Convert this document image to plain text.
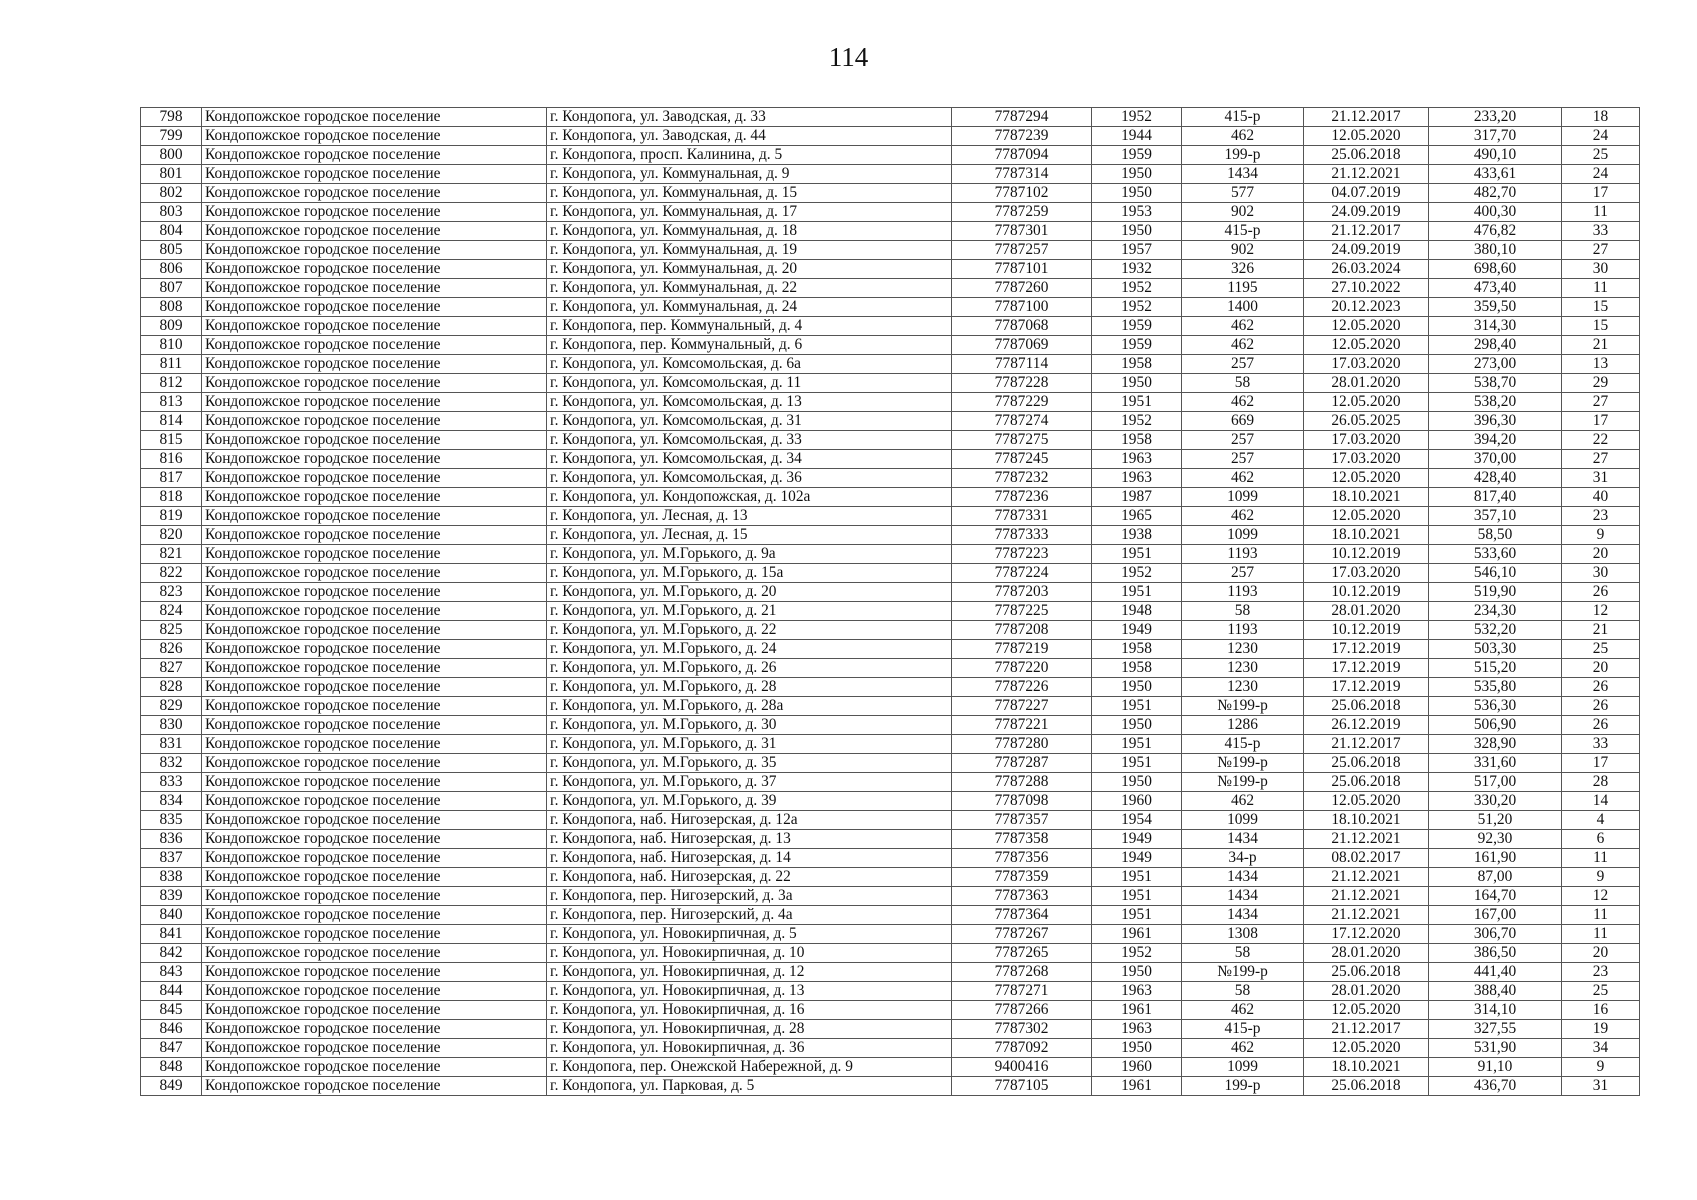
114
798	Кондопожское городское поселение	г. Кондопога, ул. Заводская, д. 33	7787294	1952	415-р	21.12.2017	233,20	18
799	Кондопожское городское поселение	г. Кондопога, ул. Заводская, д. 44	7787239	1944	462	12.05.2020	317,70	24
800	Кондопожское городское поселение	г. Кондопога, просп. Калинина, д. 5	7787094	1959	199-р	25.06.2018	490,10	25
801	Кондопожское городское поселение	г. Кондопога, ул. Коммунальная, д. 9	7787314	1950	1434	21.12.2021	433,61	24
802	Кондопожское городское поселение	г. Кондопога, ул. Коммунальная, д. 15	7787102	1950	577	04.07.2019	482,70	17
803	Кондопожское городское поселение	г. Кондопога, ул. Коммунальная, д. 17	7787259	1953	902	24.09.2019	400,30	11
804	Кондопожское городское поселение	г. Кондопога, ул. Коммунальная, д. 18	7787301	1950	415-р	21.12.2017	476,82	33
805	Кондопожское городское поселение	г. Кондопога, ул. Коммунальная, д. 19	7787257	1957	902	24.09.2019	380,10	27
806	Кондопожское городское поселение	г. Кондопога, ул. Коммунальная, д. 20	7787101	1932	326	26.03.2024	698,60	30
807	Кондопожское городское поселение	г. Кондопога, ул. Коммунальная, д. 22	7787260	1952	1195	27.10.2022	473,40	11
808	Кондопожское городское поселение	г. Кондопога, ул. Коммунальная, д. 24	7787100	1952	1400	20.12.2023	359,50	15
809	Кондопожское городское поселение	г. Кондопога, пер. Коммунальный, д. 4	7787068	1959	462	12.05.2020	314,30	15
810	Кондопожское городское поселение	г. Кондопога, пер. Коммунальный, д. 6	7787069	1959	462	12.05.2020	298,40	21
811	Кондопожское городское поселение	г. Кондопога, ул. Комсомольская, д. 6а	7787114	1958	257	17.03.2020	273,00	13
812	Кондопожское городское поселение	г. Кондопога, ул. Комсомольская, д. 11	7787228	1950	58	28.01.2020	538,70	29
813	Кондопожское городское поселение	г. Кондопога, ул. Комсомольская, д. 13	7787229	1951	462	12.05.2020	538,20	27
814	Кондопожское городское поселение	г. Кондопога, ул. Комсомольская, д. 31	7787274	1952	669	26.05.2025	396,30	17
815	Кондопожское городское поселение	г. Кондопога, ул. Комсомольская, д. 33	7787275	1958	257	17.03.2020	394,20	22
816	Кондопожское городское поселение	г. Кондопога, ул. Комсомольская, д. 34	7787245	1963	257	17.03.2020	370,00	27
817	Кондопожское городское поселение	г. Кондопога, ул. Комсомольская, д. 36	7787232	1963	462	12.05.2020	428,40	31
818	Кондопожское городское поселение	г. Кондопога, ул. Кондопожская, д. 102а	7787236	1987	1099	18.10.2021	817,40	40
819	Кондопожское городское поселение	г. Кондопога, ул. Лесная, д. 13	7787331	1965	462	12.05.2020	357,10	23
820	Кондопожское городское поселение	г. Кондопога, ул. Лесная, д. 15	7787333	1938	1099	18.10.2021	58,50	9
821	Кондопожское городское поселение	г. Кондопога, ул. М.Горького, д. 9а	7787223	1951	1193	10.12.2019	533,60	20
822	Кондопожское городское поселение	г. Кондопога, ул. М.Горького, д. 15а	7787224	1952	257	17.03.2020	546,10	30
823	Кондопожское городское поселение	г. Кондопога, ул. М.Горького, д. 20	7787203	1951	1193	10.12.2019	519,90	26
824	Кондопожское городское поселение	г. Кондопога, ул. М.Горького, д. 21	7787225	1948	58	28.01.2020	234,30	12
825	Кондопожское городское поселение	г. Кондопога, ул. М.Горького, д. 22	7787208	1949	1193	10.12.2019	532,20	21
826	Кондопожское городское поселение	г. Кондопога, ул. М.Горького, д. 24	7787219	1958	1230	17.12.2019	503,30	25
827	Кондопожское городское поселение	г. Кондопога, ул. М.Горького, д. 26	7787220	1958	1230	17.12.2019	515,20	20
828	Кондопожское городское поселение	г. Кондопога, ул. М.Горького, д. 28	7787226	1950	1230	17.12.2019	535,80	26
829	Кондопожское городское поселение	г. Кондопога, ул. М.Горького, д. 28а	7787227	1951	№199-р	25.06.2018	536,30	26
830	Кондопожское городское поселение	г. Кондопога, ул. М.Горького, д. 30	7787221	1950	1286	26.12.2019	506,90	26
831	Кондопожское городское поселение	г. Кондопога, ул. М.Горького, д. 31	7787280	1951	415-р	21.12.2017	328,90	33
832	Кондопожское городское поселение	г. Кондопога, ул. М.Горького, д. 35	7787287	1951	№199-р	25.06.2018	331,60	17
833	Кондопожское городское поселение	г. Кондопога, ул. М.Горького, д. 37	7787288	1950	№199-р	25.06.2018	517,00	28
834	Кондопожское городское поселение	г. Кондопога, ул. М.Горького, д. 39	7787098	1960	462	12.05.2020	330,20	14
835	Кондопожское городское поселение	г. Кондопога, наб. Нигозерская, д. 12а	7787357	1954	1099	18.10.2021	51,20	4
836	Кондопожское городское поселение	г. Кондопога, наб. Нигозерская, д. 13	7787358	1949	1434	21.12.2021	92,30	6
837	Кондопожское городское поселение	г. Кондопога, наб. Нигозерская, д. 14	7787356	1949	34-р	08.02.2017	161,90	11
838	Кондопожское городское поселение	г. Кондопога, наб. Нигозерская, д. 22	7787359	1951	1434	21.12.2021	87,00	9
839	Кондопожское городское поселение	г. Кондопога, пер. Нигозерский, д. 3а	7787363	1951	1434	21.12.2021	164,70	12
840	Кондопожское городское поселение	г. Кондопога, пер. Нигозерский, д. 4а	7787364	1951	1434	21.12.2021	167,00	11
841	Кондопожское городское поселение	г. Кондопога, ул. Новокирпичная, д. 5	7787267	1961	1308	17.12.2020	306,70	11
842	Кондопожское городское поселение	г. Кондопога, ул. Новокирпичная, д. 10	7787265	1952	58	28.01.2020	386,50	20
843	Кондопожское городское поселение	г. Кондопога, ул. Новокирпичная, д. 12	7787268	1950	№199-р	25.06.2018	441,40	23
844	Кондопожское городское поселение	г. Кондопога, ул. Новокирпичная, д. 13	7787271	1963	58	28.01.2020	388,40	25
845	Кондопожское городское поселение	г. Кондопога, ул. Новокирпичная, д. 16	7787266	1961	462	12.05.2020	314,10	16
846	Кондопожское городское поселение	г. Кондопога, ул. Новокирпичная, д. 28	7787302	1963	415-р	21.12.2017	327,55	19
847	Кондопожское городское поселение	г. Кондопога, ул. Новокирпичная, д. 36	7787092	1950	462	12.05.2020	531,90	34
848	Кондопожское городское поселение	г. Кондопога, пер. Онежской Набережной, д. 9	9400416	1960	1099	18.10.2021	91,10	9
849	Кондопожское городское поселение	г. Кондопога, ул. Парковая, д. 5	7787105	1961	199-р	25.06.2018	436,70	31
